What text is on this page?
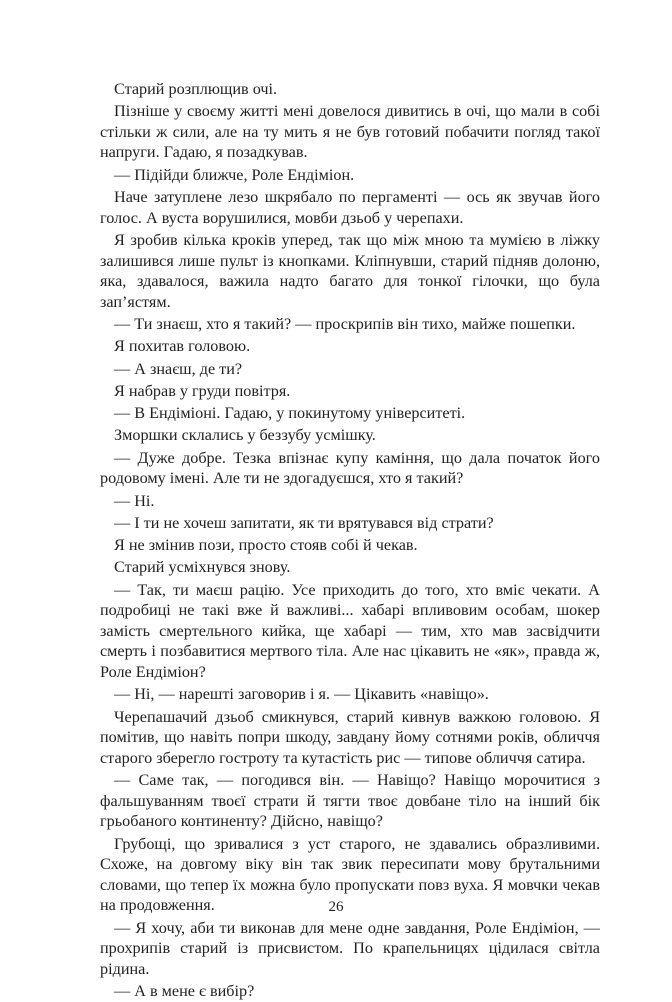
Старий розплющив очі.

Пізніше у своєму житті мені довелося дивитись в очі, що мали в собі стільки ж сили, але на ту мить я не був готовий побачити погляд такої напруги. Гадаю, я позадкував.

— Підійди ближче, Роле Ендіміон.

Наче затуплене лезо шкрябало по пергаменті — ось як звучав його голос. А вуста ворушилися, мовби дзьоб у черепахи.

Я зробив кілька кроків уперед, так що між мною та мумією в ліжку залишився лише пульт із кнопками. Кліпнувши, старий підняв долоню, яка, здавалося, важила надто багато для тонкої гілочки, що була зап’ястям.

— Ти знаєш, хто я такий? — проскрипів він тихо, майже пошепки.

Я похитав головою.

— А знаєш, де ти?

Я набрав у груди повітря.

— В Ендіміоні. Гадаю, у покинутому університеті.

Зморшки склались у беззубу усмішку.

— Дуже добре. Тезка впізнає купу каміння, що дала початок його родовому імені. Але ти не здогадуєшся, хто я такий?

— Ні.

— І ти не хочеш запитати, як ти врятувався від страти?

Я не змінив пози, просто стояв собі й чекав.

Старий усміхнувся знову.

— Так, ти маєш рацію. Усе приходить до того, хто вміє чекати. А подробиці не такі вже й важливі... хабарі впливовим особам, шокер замість смертельного кийка, ще хабарі — тим, хто мав засвідчити смерть і позбавитися мертвого тіла. Але нас цікавить не «як», правда ж, Роле Ендіміон?

— Ні, — нарешті заговорив і я. — Цікавить «навіщо».

Черепашачий дзьоб смикнувся, старий кивнув важкою головою. Я помітив, що навіть попри шкоду, завдану йому сотнями років, обличчя старого зберегло гостроту та кутастість рис — типове обличчя сатира.

— Саме так, — погодився він. — Навіщо? Навіщо морочитися з фальшуванням твоєї страти й тягти твоє довбане тіло на інший бік грьобаного континенту? Дійсно, навіщо?

Грубощі, що зривалися з уст старого, не здавались образливими. Схоже, на довгому віку він так звик пересипати мову брутальними словами, що тепер їх можна було пропускати повз вуха. Я мовчки чекав на продовження.

— Я хочу, аби ти виконав для мене одне завдання, Роле Ендіміон, — прохрипів старий із присвистом. По крапельницях цідилася світла рідина.

— А в мене є вибір?

26
